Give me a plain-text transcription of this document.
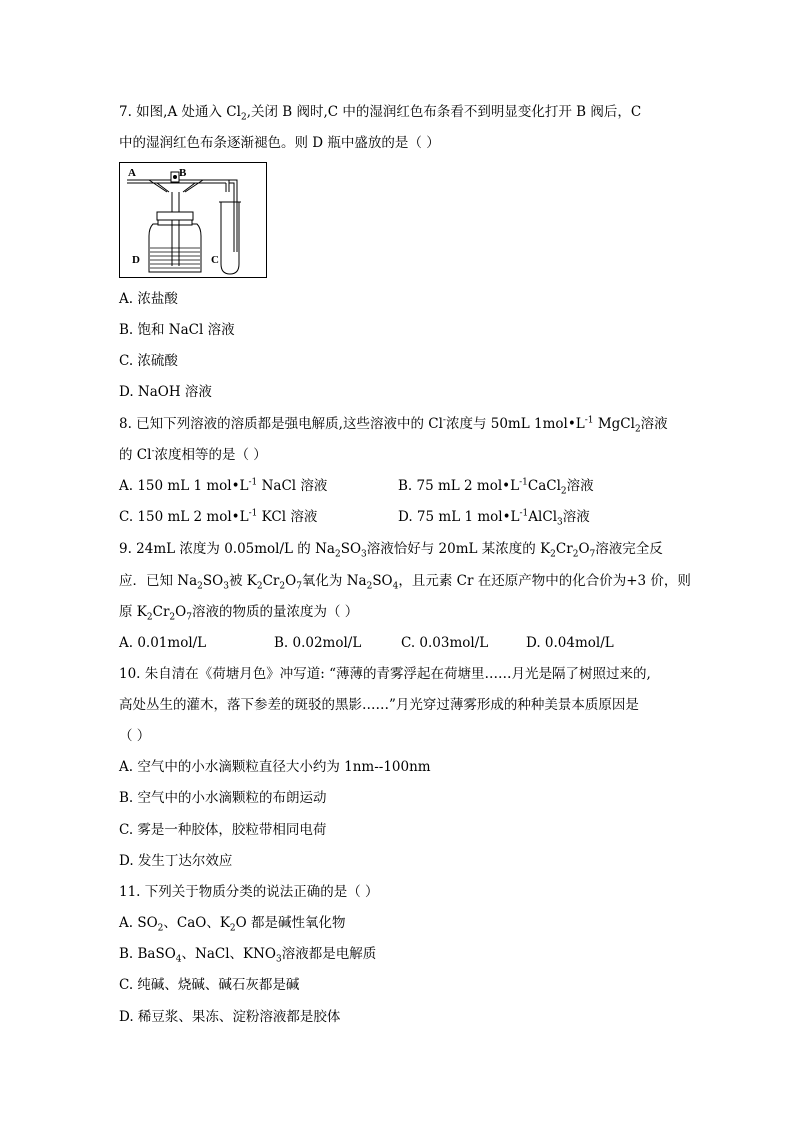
7. 如图,A 处通入 $Cl_2$,关闭 B 阀时,C 中的湿润红色布条看不到明显变化打开 B 阀后，C
中的湿润红色布条逐渐褪色。则 D 瓶中盛放的是（ ）
A	B
D	C
A. 浓盐酸
B. 饱和 NaCl 溶液
C. 浓硫酸
D. NaOH 溶液
8. 已知下列溶液的溶质都是强电解质,这些溶液中的 Cl-浓度与 50mL $1mol•L^{-1}$ MgCl$_2$溶液
的 Cl-浓度相等的是（ ）
A. 150 mL 1 $mol•L^{-1}$ NaCl 溶液	B. 75 mL 2 $mol•L^{-1}CaCl_2$溶液
C. 150 mL 2 $mol•L^{-1}$ KCl 溶液	D. 75 mL 1 $mol•L^{-1}AlCl_3$溶液
9. 24mL 浓度为 0.05mol/L 的 $Na_2SO_3$溶液恰好与 20mL 某浓度的 $K_2Cr_2O_7$溶液完全反
应．已知 $Na_2SO_3$被 $K_2Cr_2O_7$氧化为 $Na_2SO_4$，且元素 Cr 在还原产物中的化合价为+3 价，则
原 $K_2Cr_2O_7$溶液的物质的量浓度为（ ）
A. 0.01mol/L	B. 0.02mol/L	C. 0.03mol/L	D. 0.04mol/L
10. 朱自清在《荷塘月色》冲写道: “薄薄的青雾浮起在荷塘里……月光是隔了树照过来的,
高处丛生的灌木，落下参差的斑驳的黑影……”月光穿过薄雾形成的种种美景本质原因是
（ ）
A. 空气中的小水滴颗粒直径大小约为 1nm--100nm
B. 空气中的小水滴颗粒的布朗运动
C. 雾是一种胶体，胶粒带相同电荷
D. 发生丁达尔效应
11. 下列关于物质分类的说法正确的是（ ）
A. $SO_2$、CaO、$K_2O$ 都是碱性氧化物
B. BaSO$_4$、NaCl、$KNO_3$溶液都是电解质
C. 纯碱、烧碱、碱石灰都是碱
D. 稀豆浆、果冻、淀粉溶液都是胶体
